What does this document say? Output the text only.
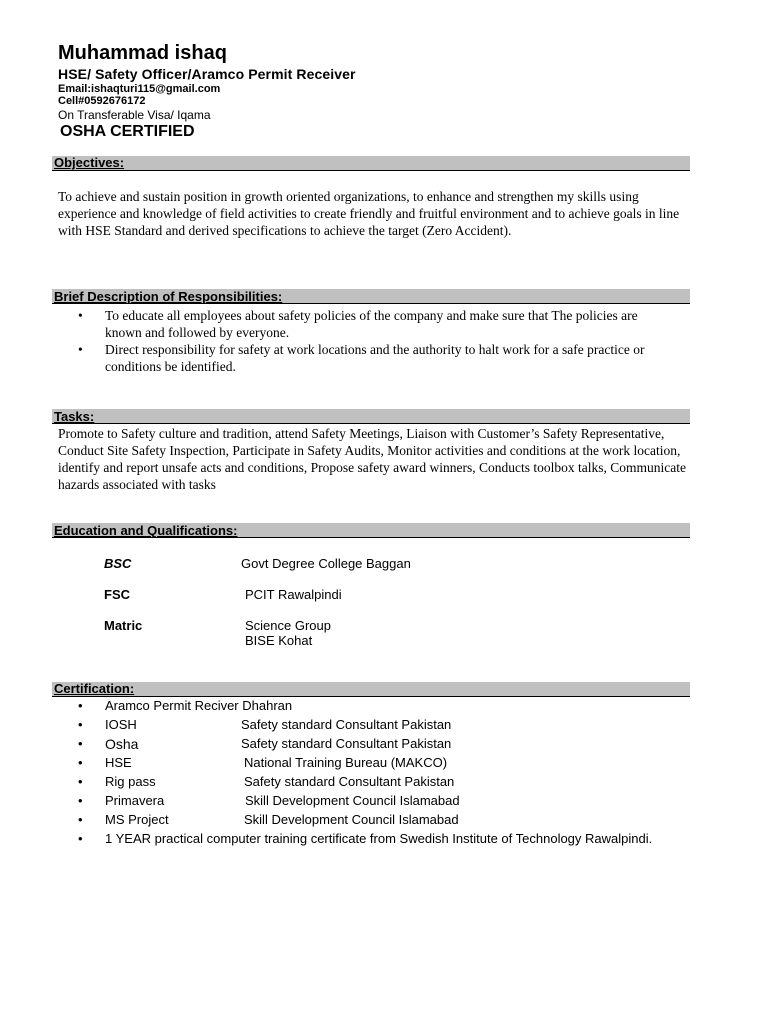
Muhammad ishaq
HSE/ Safety Officer/Aramco Permit Receiver
Email:ishaqturi115@gmail.com
Cell#0592676172
On Transferable Visa/ Iqama
OSHA CERTIFIED
Objectives:
To achieve and sustain position in growth oriented organizations, to enhance and strengthen my skills using experience and knowledge of field activities to create friendly and fruitful environment and to achieve goals in line with HSE Standard and derived specifications to achieve the target (Zero Accident).
Brief Description of Responsibilities:
• To educate all employees about safety policies of the company and make sure that The policies are known and followed by everyone.
• Direct responsibility for safety at work locations and the authority to halt work for a safe practice or conditions be identified.
Tasks:
Promote to Safety culture and tradition, attend Safety Meetings, Liaison with Customer’s Safety Representative, Conduct Site Safety Inspection, Participate in Safety Audits, Monitor activities and conditions at the work location, identify and report unsafe acts and conditions, Propose safety award winners, Conducts toolbox talks, Communicate hazards associated with tasks
Education and Qualifications:
BSC	Govt Degree College Baggan
FSC	PCIT Rawalpindi
Matric	Science Group
BISE Kohat
Certification:
• Aramco Permit Reciver Dhahran
• IOSH	Safety standard Consultant Pakistan
• Osha	Safety standard Consultant Pakistan
• HSE	National Training Bureau (MAKCO)
• Rig pass	Safety standard Consultant Pakistan
• Primavera	Skill Development Council Islamabad
• MS Project	Skill Development Council Islamabad
• 1 YEAR practical computer training certificate from Swedish Institute of Technology Rawalpindi.
